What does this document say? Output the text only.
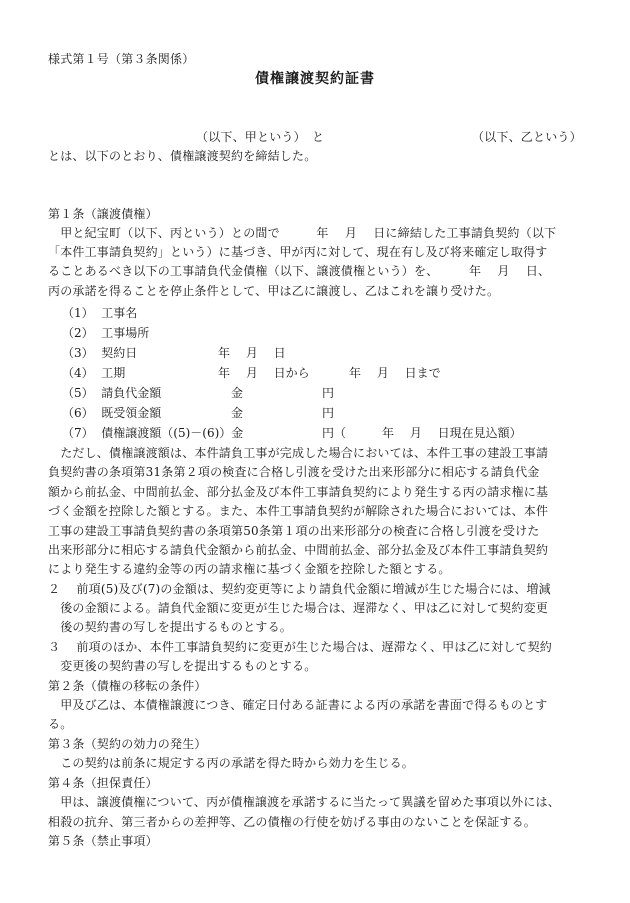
様式第１号（第３条関係）
債権譲渡契約証書
（以下、甲という）　と	（以下、乙という）
とは、以下のとおり、債権譲渡契約を締結した。
第１条（譲渡債権）
　甲と紀宝町（以下、丙という）との間で　　　年　 月　 日に締結した工事請負契約（以下
「本件工事請負契約」という）に基づき、甲が丙に対して、現在有し及び将来確定し取得す
ることあるべき以下の工事請負代金債権（以下、譲渡債権という）を、　　　年　 月　 日、
丙の承諾を得ることを停止条件として、甲は乙に譲渡し、乙はこれを譲り受けた。
（1）  工事名
（2）  工事場所
（3）  契約日	年　 月　 日
（4）  工期	年　 月　 日から	年　 月　 日まで
（5）  請負代金額	金	円
（6）  既受領金額	金	円
（7）  債権譲渡額（(5)－(6)）金	円（　　　年　 月　 日現在見込額）
　ただし、債権譲渡額は、本件請負工事が完成した場合においては、本件工事の建設工事請
負契約書の条項第31条第２項の検査に合格し引渡を受けた出来形部分に相応する請負代金
額から前払金、中間前払金、部分払金及び本件工事請負契約により発生する丙の請求権に基
づく金額を控除した額とする。また、本件工事請負契約が解除された場合においては、本件
工事の建設工事請負契約書の条項第50条第１項の出来形部分の検査に合格し引渡を受けた
出来形部分に相応する請負代金額から前払金、中間前払金、部分払金及び本件工事請負契約
により発生する違約金等の丙の請求権に基づく金額を控除した額とする。
２　 前項(5)及び(7)の金額は、契約変更等により請負代金額に増減が生じた場合には、増減
　後の金額による。請負代金額に変更が生じた場合は、遅滞なく、甲は乙に対して契約変更
　後の契約書の写しを提出するものとする。
３　 前項のほか、本件工事請負契約に変更が生じた場合は、遅滞なく、甲は乙に対して契約
　変更後の契約書の写しを提出するものとする。
第２条（債権の移転の条件）
　甲及び乙は、本債権譲渡につき、確定日付ある証書による丙の承諾を書面で得るものとす
る。
第３条（契約の効力の発生）
　この契約は前条に規定する丙の承諾を得た時から効力を生じる。
第４条（担保責任）
　甲は、譲渡債権について、丙が債権譲渡を承諾するに当たって異議を留めた事項以外には、
相殺の抗弁、第三者からの差押等、乙の債権の行使を妨げる事由のないことを保証する。
第５条（禁止事項）
